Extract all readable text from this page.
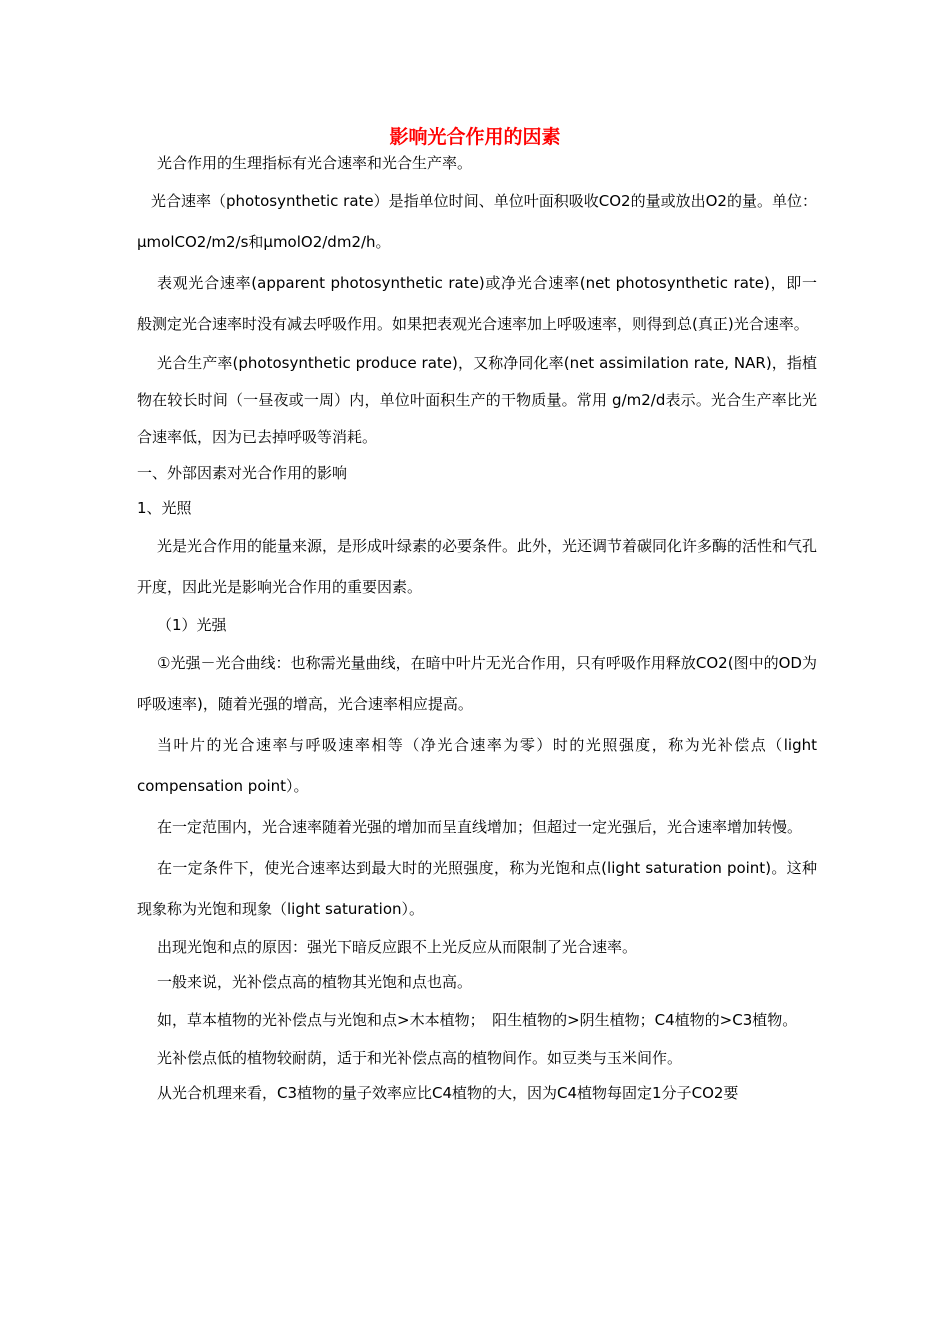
影响光合作用的因素

光合作用的生理指标有光合速率和光合生产率。

光合速率（photosynthetic rate）是指单位时间、单位叶面积吸收CO2的量或放出O2的量。单位：μmolCO2/m2/s和μmolO2/dm2/h。

表观光合速率(apparent photosynthetic rate)或净光合速率(net photosynthetic rate)，即一般测定光合速率时没有减去呼吸作用。如果把表观光合速率加上呼吸速率，则得到总(真正)光合速率。

光合生产率(photosynthetic produce rate)，又称净同化率(net assimilation rate, NAR)，指植物在较长时间（一昼夜或一周）内，单位叶面积生产的干物质量。常用 g/m2/d表示。光合生产率比光合速率低，因为已去掉呼吸等消耗。

一、外部因素对光合作用的影响

1、光照

光是光合作用的能量来源，是形成叶绿素的必要条件。此外，光还调节着碳同化许多酶的活性和气孔开度，因此光是影响光合作用的重要因素。

（1）光强

①光强－光合曲线：也称需光量曲线，在暗中叶片无光合作用，只有呼吸作用释放CO2(图中的OD为呼吸速率)，随着光强的增高，光合速率相应提高。

当叶片的光合速率与呼吸速率相等（净光合速率为零）时的光照强度，称为光补偿点（light compensation point）。

在一定范围内，光合速率随着光强的增加而呈直线增加；但超过一定光强后，光合速率增加转慢。

在一定条件下，使光合速率达到最大时的光照强度，称为光饱和点(light saturation point)。这种现象称为光饱和现象（light saturation）。

出现光饱和点的原因：强光下暗反应跟不上光反应从而限制了光合速率。

一般来说，光补偿点高的植物其光饱和点也高。

如，草本植物的光补偿点与光饱和点>木本植物；　阳生植物的>阴生植物；C4植物的>C3植物。

光补偿点低的植物较耐荫，适于和光补偿点高的植物间作。如豆类与玉米间作。

从光合机理来看，C3植物的量子效率应比C4植物的大，因为C4植物每固定1分子CO2要
